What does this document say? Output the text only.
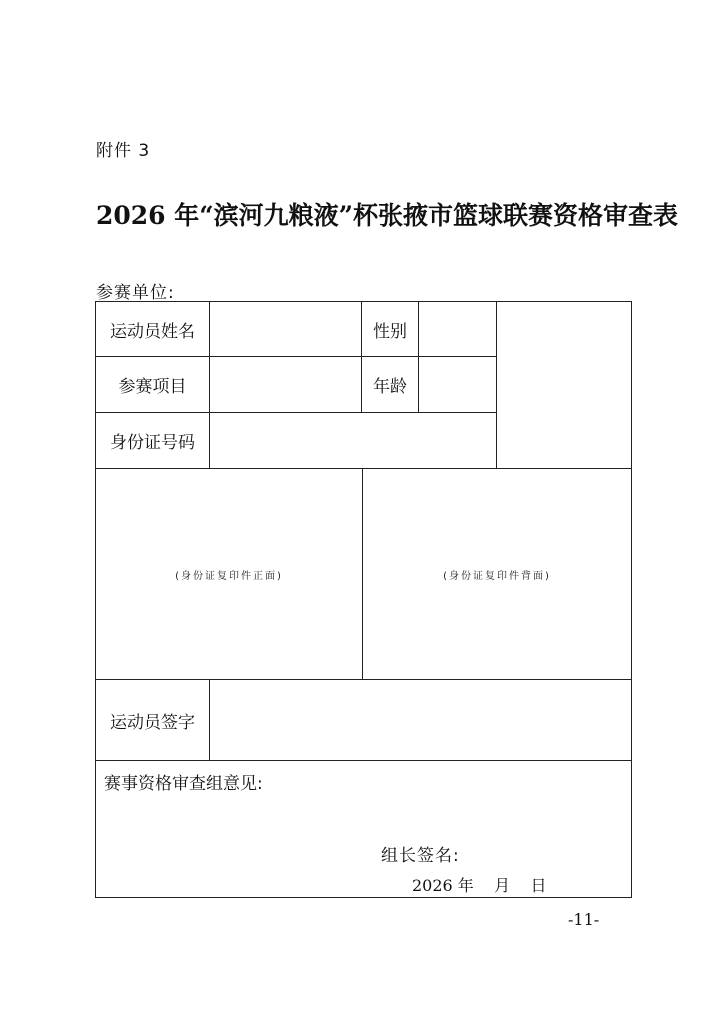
附件 3
2026 年“滨河九粮液”杯张掖市篮球联赛资格审查表
参赛单位:
运动员姓名	性别
参赛项目	年龄
身份证号码
(身份证复印件正面)	(身份证复印件背面)
运动员签字
赛事资格审查组意见:
组长签名:
2026 年    月    日
-11-
